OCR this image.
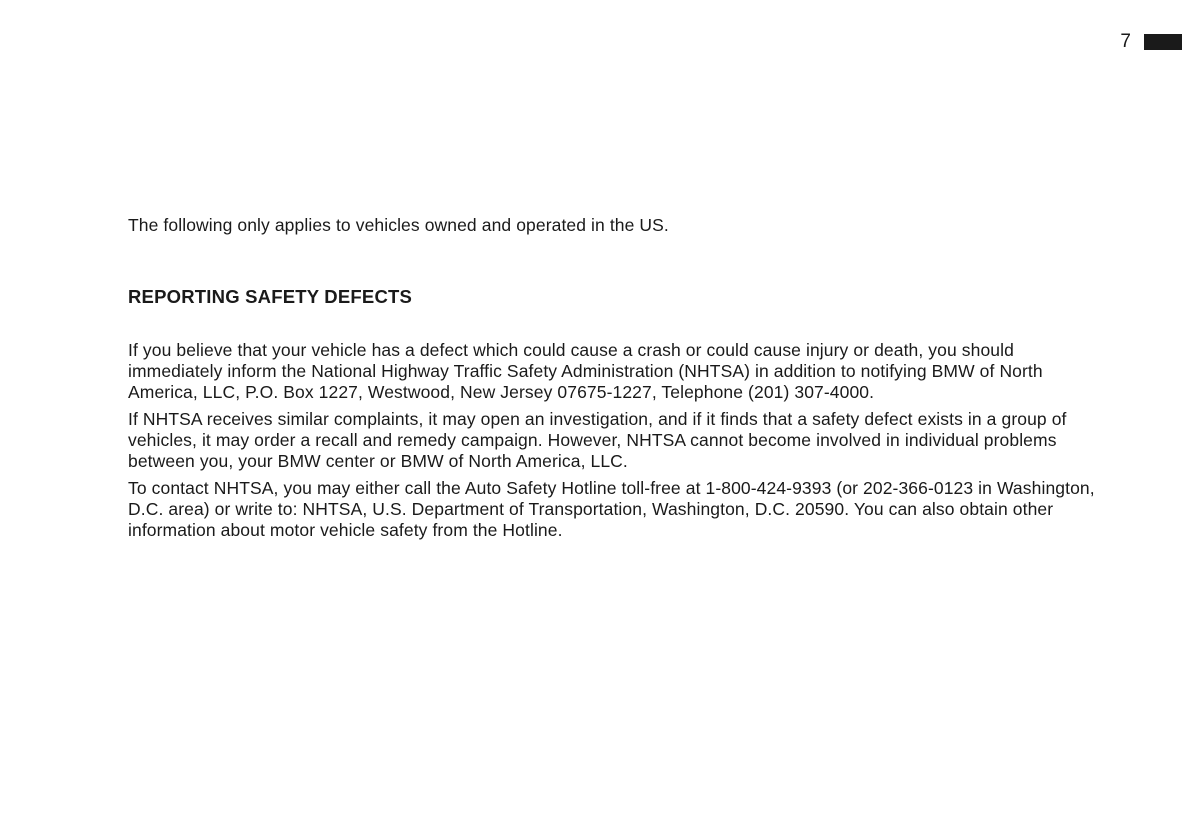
7

The following only applies to vehicles owned and operated in the US.

REPORTING SAFETY DEFECTS

If you believe that your vehicle has a defect which could cause a crash or could cause injury or death, you should immediately inform the National Highway Traffic Safety Administration (NHTSA) in addition to notifying BMW of North America, LLC, P.O. Box 1227, Westwood, New Jersey 07675-1227, Telephone (201) 307-4000.

If NHTSA receives similar complaints, it may open an investigation, and if it finds that a safety defect exists in a group of vehicles, it may order a recall and remedy campaign. However, NHTSA cannot become involved in individual problems between you, your BMW center or BMW of North America, LLC.

To contact NHTSA, you may either call the Auto Safety Hotline toll-free at 1-800-424-9393 (or 202-366-0123 in Washington, D.C. area) or write to: NHTSA, U.S. Department of Transportation, Washington, D.C. 20590. You can also obtain other information about motor vehicle safety from the Hotline.
